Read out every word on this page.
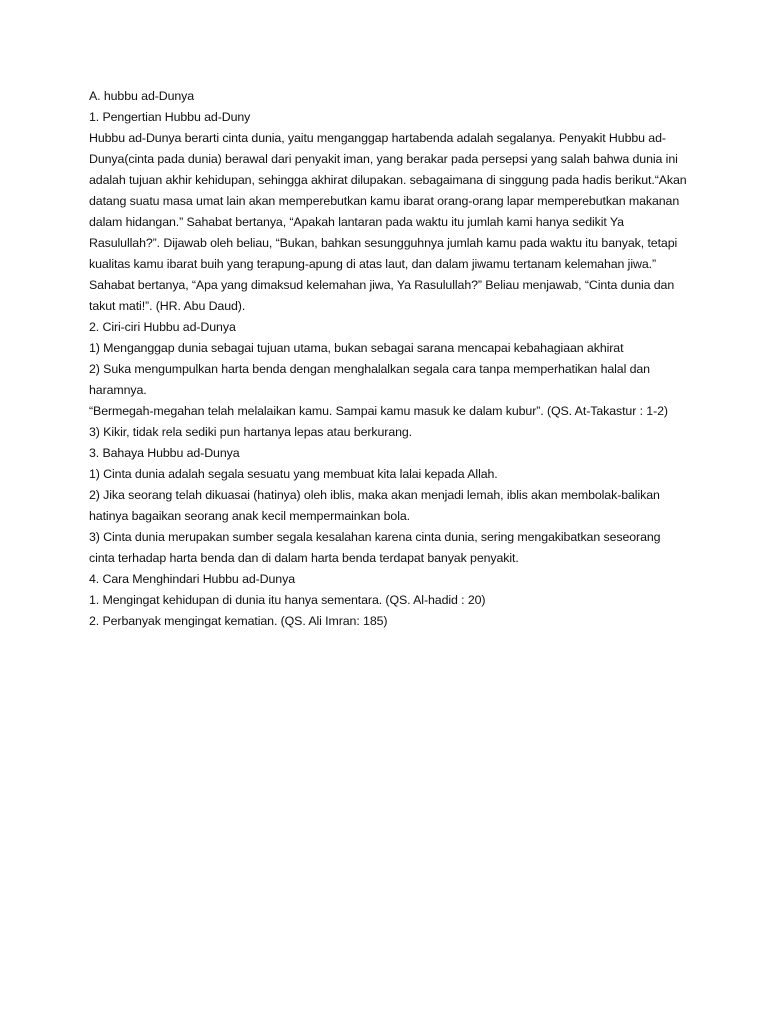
A. hubbu ad-Dunya

1. Pengertian Hubbu ad-Duny

Hubbu ad-Dunya berarti cinta dunia, yaitu menganggap hartabenda adalah segalanya. Penyakit Hubbu ad-Dunya(cinta pada dunia) berawal dari penyakit iman, yang berakar pada persepsi yang salah bahwa dunia ini adalah tujuan akhir kehidupan, sehingga akhirat dilupakan. sebagaimana di singgung pada hadis berikut.“Akan datang suatu masa umat lain akan memperebutkan kamu ibarat orang-orang lapar memperebutkan makanan dalam hidangan.” Sahabat bertanya, “Apakah lantaran pada waktu itu jumlah kami hanya sedikit Ya Rasulullah?”. Dijawab oleh beliau, “Bukan, bahkan sesungguhnya jumlah kamu pada waktu itu banyak, tetapi kualitas kamu ibarat buih yang terapung-apung di atas laut, dan dalam jiwamu tertanam kelemahan jiwa.” Sahabat bertanya, “Apa yang dimaksud kelemahan jiwa, Ya Rasulullah?” Beliau menjawab, “Cinta dunia dan takut mati!”. (HR. Abu Daud).

2. Ciri-ciri Hubbu ad-Dunya

1) Menganggap dunia sebagai tujuan utama, bukan sebagai sarana mencapai kebahagiaan akhirat

2) Suka mengumpulkan harta benda dengan menghalalkan segala cara tanpa memperhatikan halal dan haramnya.

“Bermegah-megahan telah melalaikan kamu. Sampai kamu masuk ke dalam kubur”. (QS. At-Takastur : 1-2)

3) Kikir, tidak rela sediki pun hartanya lepas atau berkurang.

3. Bahaya Hubbu ad-Dunya

1) Cinta dunia adalah segala sesuatu yang membuat kita lalai kepada Allah.

2) Jika seorang telah dikuasai (hatinya) oleh iblis, maka akan menjadi lemah, iblis akan membolak-balikan hatinya bagaikan seorang anak kecil mempermainkan bola.

3) Cinta dunia merupakan sumber segala kesalahan karena cinta dunia, sering mengakibatkan seseorang cinta terhadap harta benda dan di dalam harta benda terdapat banyak penyakit.

4. Cara Menghindari Hubbu ad-Dunya

1. Mengingat kehidupan di dunia itu hanya sementara. (QS. Al-hadid : 20)

2. Perbanyak mengingat kematian. (QS. Ali Imran: 185)
